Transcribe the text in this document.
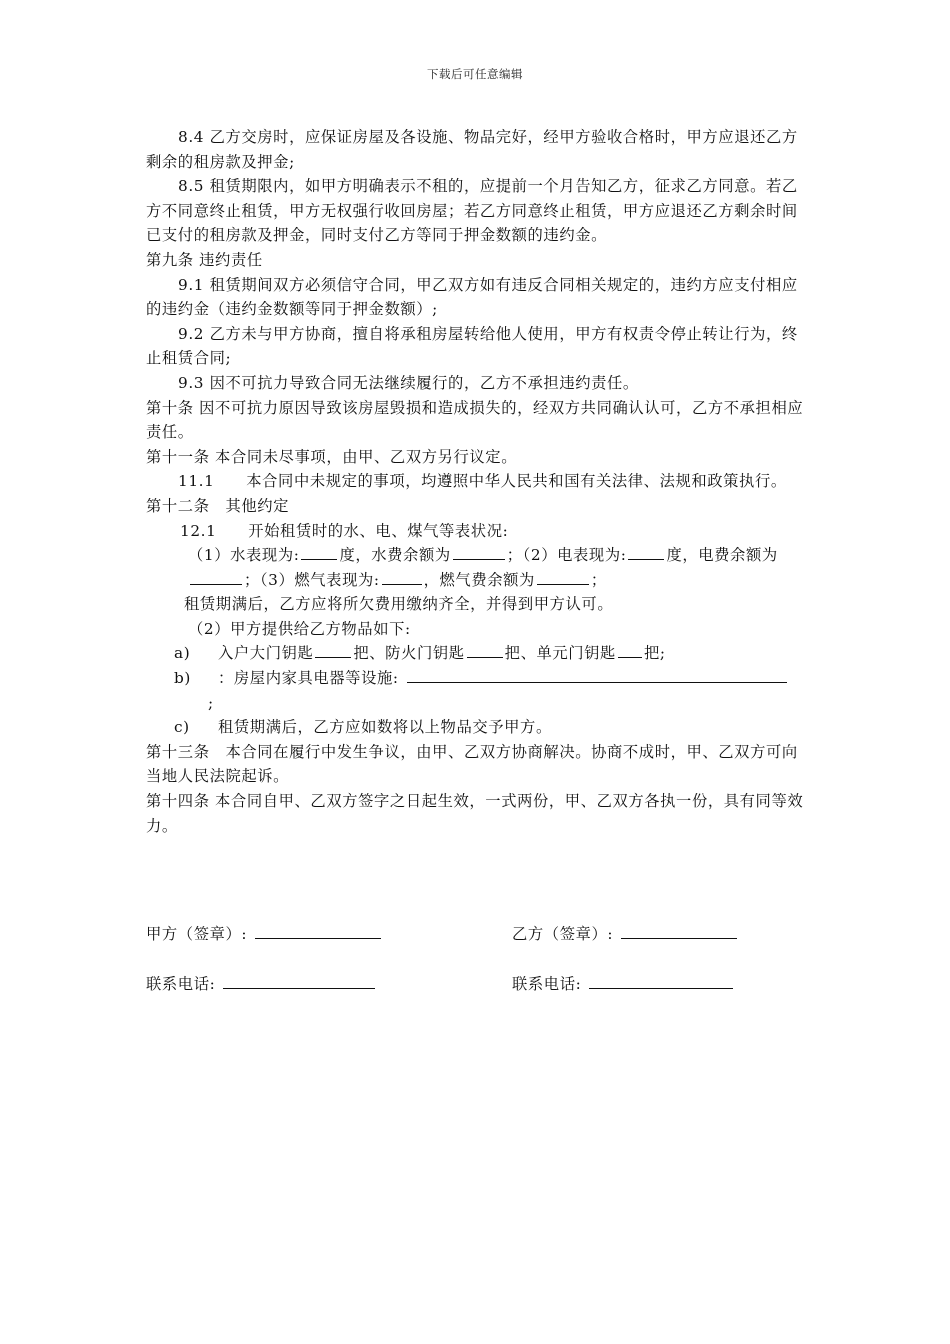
下载后可任意编辑

8.4 乙方交房时，应保证房屋及各设施、物品完好，经甲方验收合格时，甲方应退还乙方剩余的租房款及押金;

8.5 租赁期限内，如甲方明确表示不租的，应提前一个月告知乙方，征求乙方同意。若乙方不同意终止租赁，甲方无权强行收回房屋；若乙方同意终止租赁，甲方应退还乙方剩余时间已支付的租房款及押金，同时支付乙方等同于押金数额的违约金。

第九条 违约责任

9.1 租赁期间双方必须信守合同，甲乙双方如有违反合同相关规定的，违约方应支付相应的违约金（违约金数额等同于押金数额）;

9.2 乙方未与甲方协商，擅自将承租房屋转给他人使用，甲方有权责令停止转让行为，终止租赁合同;

9.3 因不可抗力导致合同无法继续履行的，乙方不承担违约责任。

第十条 因不可抗力原因导致该房屋毁损和造成损失的，经双方共同确认认可，乙方不承担相应责任。

第十一条 本合同未尽事项，由甲、乙双方另行议定。

11.1　　本合同中未规定的事项，均遵照中华人民共和国有关法律、法规和政策执行。

第十二条　其他约定

12.1　　开始租赁时的水、电、煤气等表状况:

（1）水表现为:	度，水费余额为	；（2）电表现为:	度，电费余额为；（3）燃气表现为:	，燃气费余额为	；

租赁期满后，乙方应将所欠费用缴纳齐全，并得到甲方认可。

（2）甲方提供给乙方物品如下:

a)	入户大门钥匙	把、防火门钥匙	把、单元门钥匙 把;
b)	：房屋内家具电器等设施:

;

c)	租赁期满后，乙方应如数将以上物品交予甲方。

第十三条　本合同在履行中发生争议，由甲、乙双方协商解决。协商不成时，甲、乙双方可向当地人民法院起诉。

第十四条 本合同自甲、乙双方签字之日起生效，一式两份，甲、乙双方各执一份，具有同等效力。

甲方（签章）:	乙方（签章）:
联系电话:	联系电话:
